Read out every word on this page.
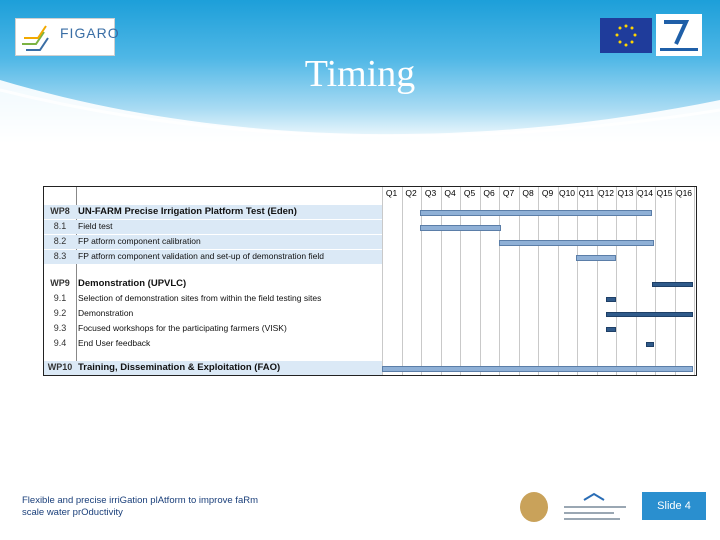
FIGARO
Timing
Q1 Q2 Q3 Q4 Q5 Q6 Q7 Q8 Q9 Q10 Q11 Q12 Q13 Q14 Q15 Q16
WP8 UN-FARM Precise Irrigation Platform Test (Eden)
8.1	Field test
8.2	FP atform component calibration
8.3	FP atform component validation and set-up of demonstration field
WP9 Demonstration (UPVLC)
9.1	Selection of demonstration sites from within the field testing sites
9.2	Demonstration
9.3	Focused workshops for the participating farmers (VISK)
9.4	End User feedback
WP10 Training, Dissemination & Exploitation (FAO)
Flexible and precise irriGation plAtform to improve faRm
scale water prOductivity
Slide 4
